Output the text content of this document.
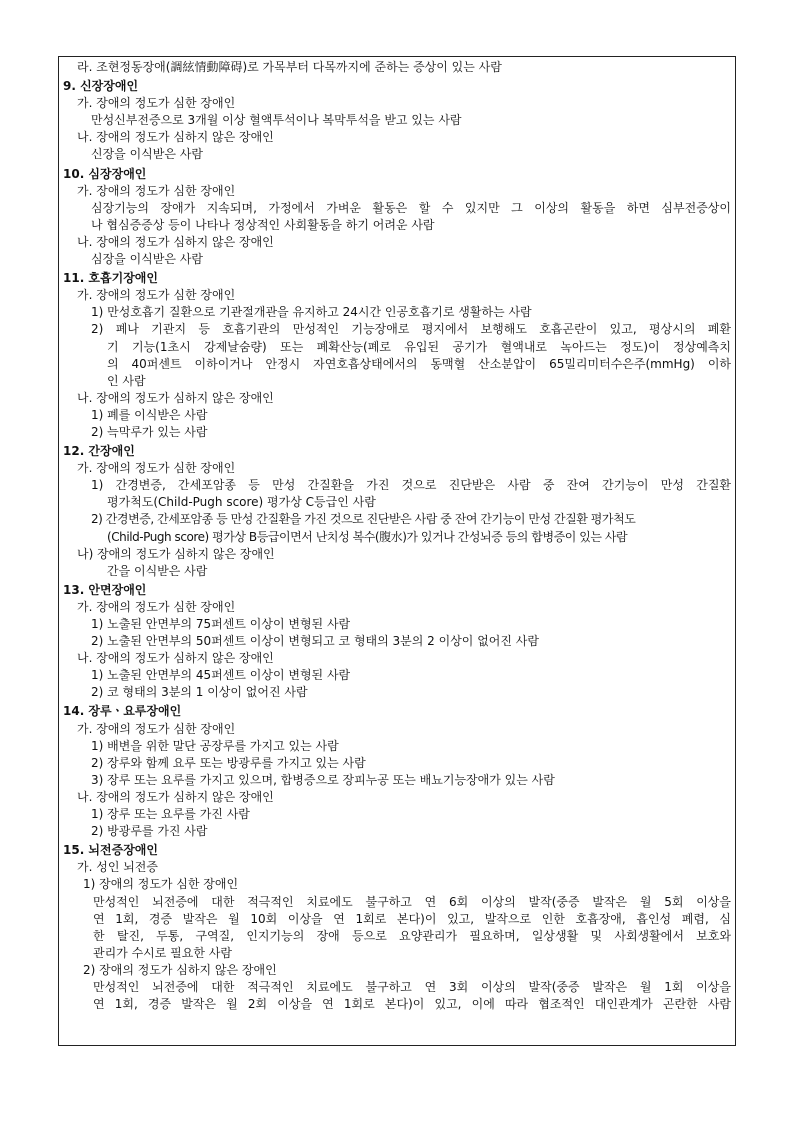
라. 조현정동장애(調絃情動障碍)로 가목부터 다목까지에 준하는 증상이 있는 사람
9. 신장장애인
가. 장애의 정도가 심한 장애인
만성신부전증으로 3개월 이상 혈액투석이나 복막투석을 받고 있는 사람
나. 장애의 정도가 심하지 않은 장애인
신장을 이식받은 사람
10. 심장장애인
가. 장애의 정도가 심한 장애인
심장기능의 장애가 지속되며, 가정에서 가벼운 활동은 할 수 있지만 그 이상의 활동을 하면 심부전증상이
나 협심증증상 등이 나타나 정상적인 사회활동을 하기 어려운 사람
나. 장애의 정도가 심하지 않은 장애인
심장을 이식받은 사람
11. 호흡기장애인
가. 장애의 정도가 심한 장애인
1) 만성호흡기 질환으로 기관절개관을 유지하고 24시간 인공호흡기로 생활하는 사람
2) 폐나 기관지 등 호흡기관의 만성적인 기능장애로 평지에서 보행해도 호흡곤란이 있고, 평상시의 폐환
기 기능(1초시 강제날숨량) 또는 폐확산능(폐로 유입된 공기가 혈액내로 녹아드는 정도)이 정상예측치
의 40퍼센트 이하이거나 안정시 자연호흡상태에서의 동맥혈 산소분압이 65밀리미터수은주(mmHg) 이하
인 사람
나. 장애의 정도가 심하지 않은 장애인
1) 폐를 이식받은 사람
2) 늑막루가 있는 사람
12. 간장애인
가. 장애의 정도가 심한 장애인
1) 간경변증, 간세포암종 등 만성 간질환을 가진 것으로 진단받은 사람 중 잔여 간기능이 만성 간질환
평가척도(Child-Pugh score) 평가상 C등급인 사람
2) 간경변증, 간세포암종 등 만성 간질환을 가진 것으로 진단받은 사람 중 잔여 간기능이 만성 간질환 평가척도
(Child-Pugh score) 평가상 B등급이면서 난치성 복수(腹水)가 있거나 간성뇌증 등의 합병증이 있는 사람
나) 장애의 정도가 심하지 않은 장애인
간을 이식받은 사람
13. 안면장애인
가. 장애의 정도가 심한 장애인
1) 노출된 안면부의 75퍼센트 이상이 변형된 사람
2) 노출된 안면부의 50퍼센트 이상이 변형되고 코 형태의 3분의 2 이상이 없어진 사람
나. 장애의 정도가 심하지 않은 장애인
1) 노출된 안면부의 45퍼센트 이상이 변형된 사람
2) 코 형태의 3분의 1 이상이 없어진 사람
14. 장루ㆍ요루장애인
가. 장애의 정도가 심한 장애인
1) 배변을 위한 말단 공장루를 가지고 있는 사람
2) 장루와 함께 요루 또는 방광루를 가지고 있는 사람
3) 장루 또는 요루를 가지고 있으며, 합병증으로 장피누공 또는 배뇨기능장애가 있는 사람
나. 장애의 정도가 심하지 않은 장애인
1) 장루 또는 요루를 가진 사람
2) 방광루를 가진 사람
15. 뇌전증장애인
가. 성인 뇌전증
1) 장애의 정도가 심한 장애인
만성적인 뇌전증에 대한 적극적인 치료에도 불구하고 연 6회 이상의 발작(중증 발작은 월 5회 이상을
연 1회, 경증 발작은 월 10회 이상을 연 1회로 본다)이 있고, 발작으로 인한 호흡장애, 흡인성 폐렴, 심
한 탈진, 두통, 구역질, 인지기능의 장애 등으로 요양관리가 필요하며, 일상생활 및 사회생활에서 보호와
관리가 수시로 필요한 사람
2) 장애의 정도가 심하지 않은 장애인
만성적인 뇌전증에 대한 적극적인 치료에도 불구하고 연 3회 이상의 발작(중증 발작은 월 1회 이상을
연 1회, 경증 발작은 월 2회 이상을 연 1회로 본다)이 있고, 이에 따라 협조적인 대인관계가 곤란한 사람
